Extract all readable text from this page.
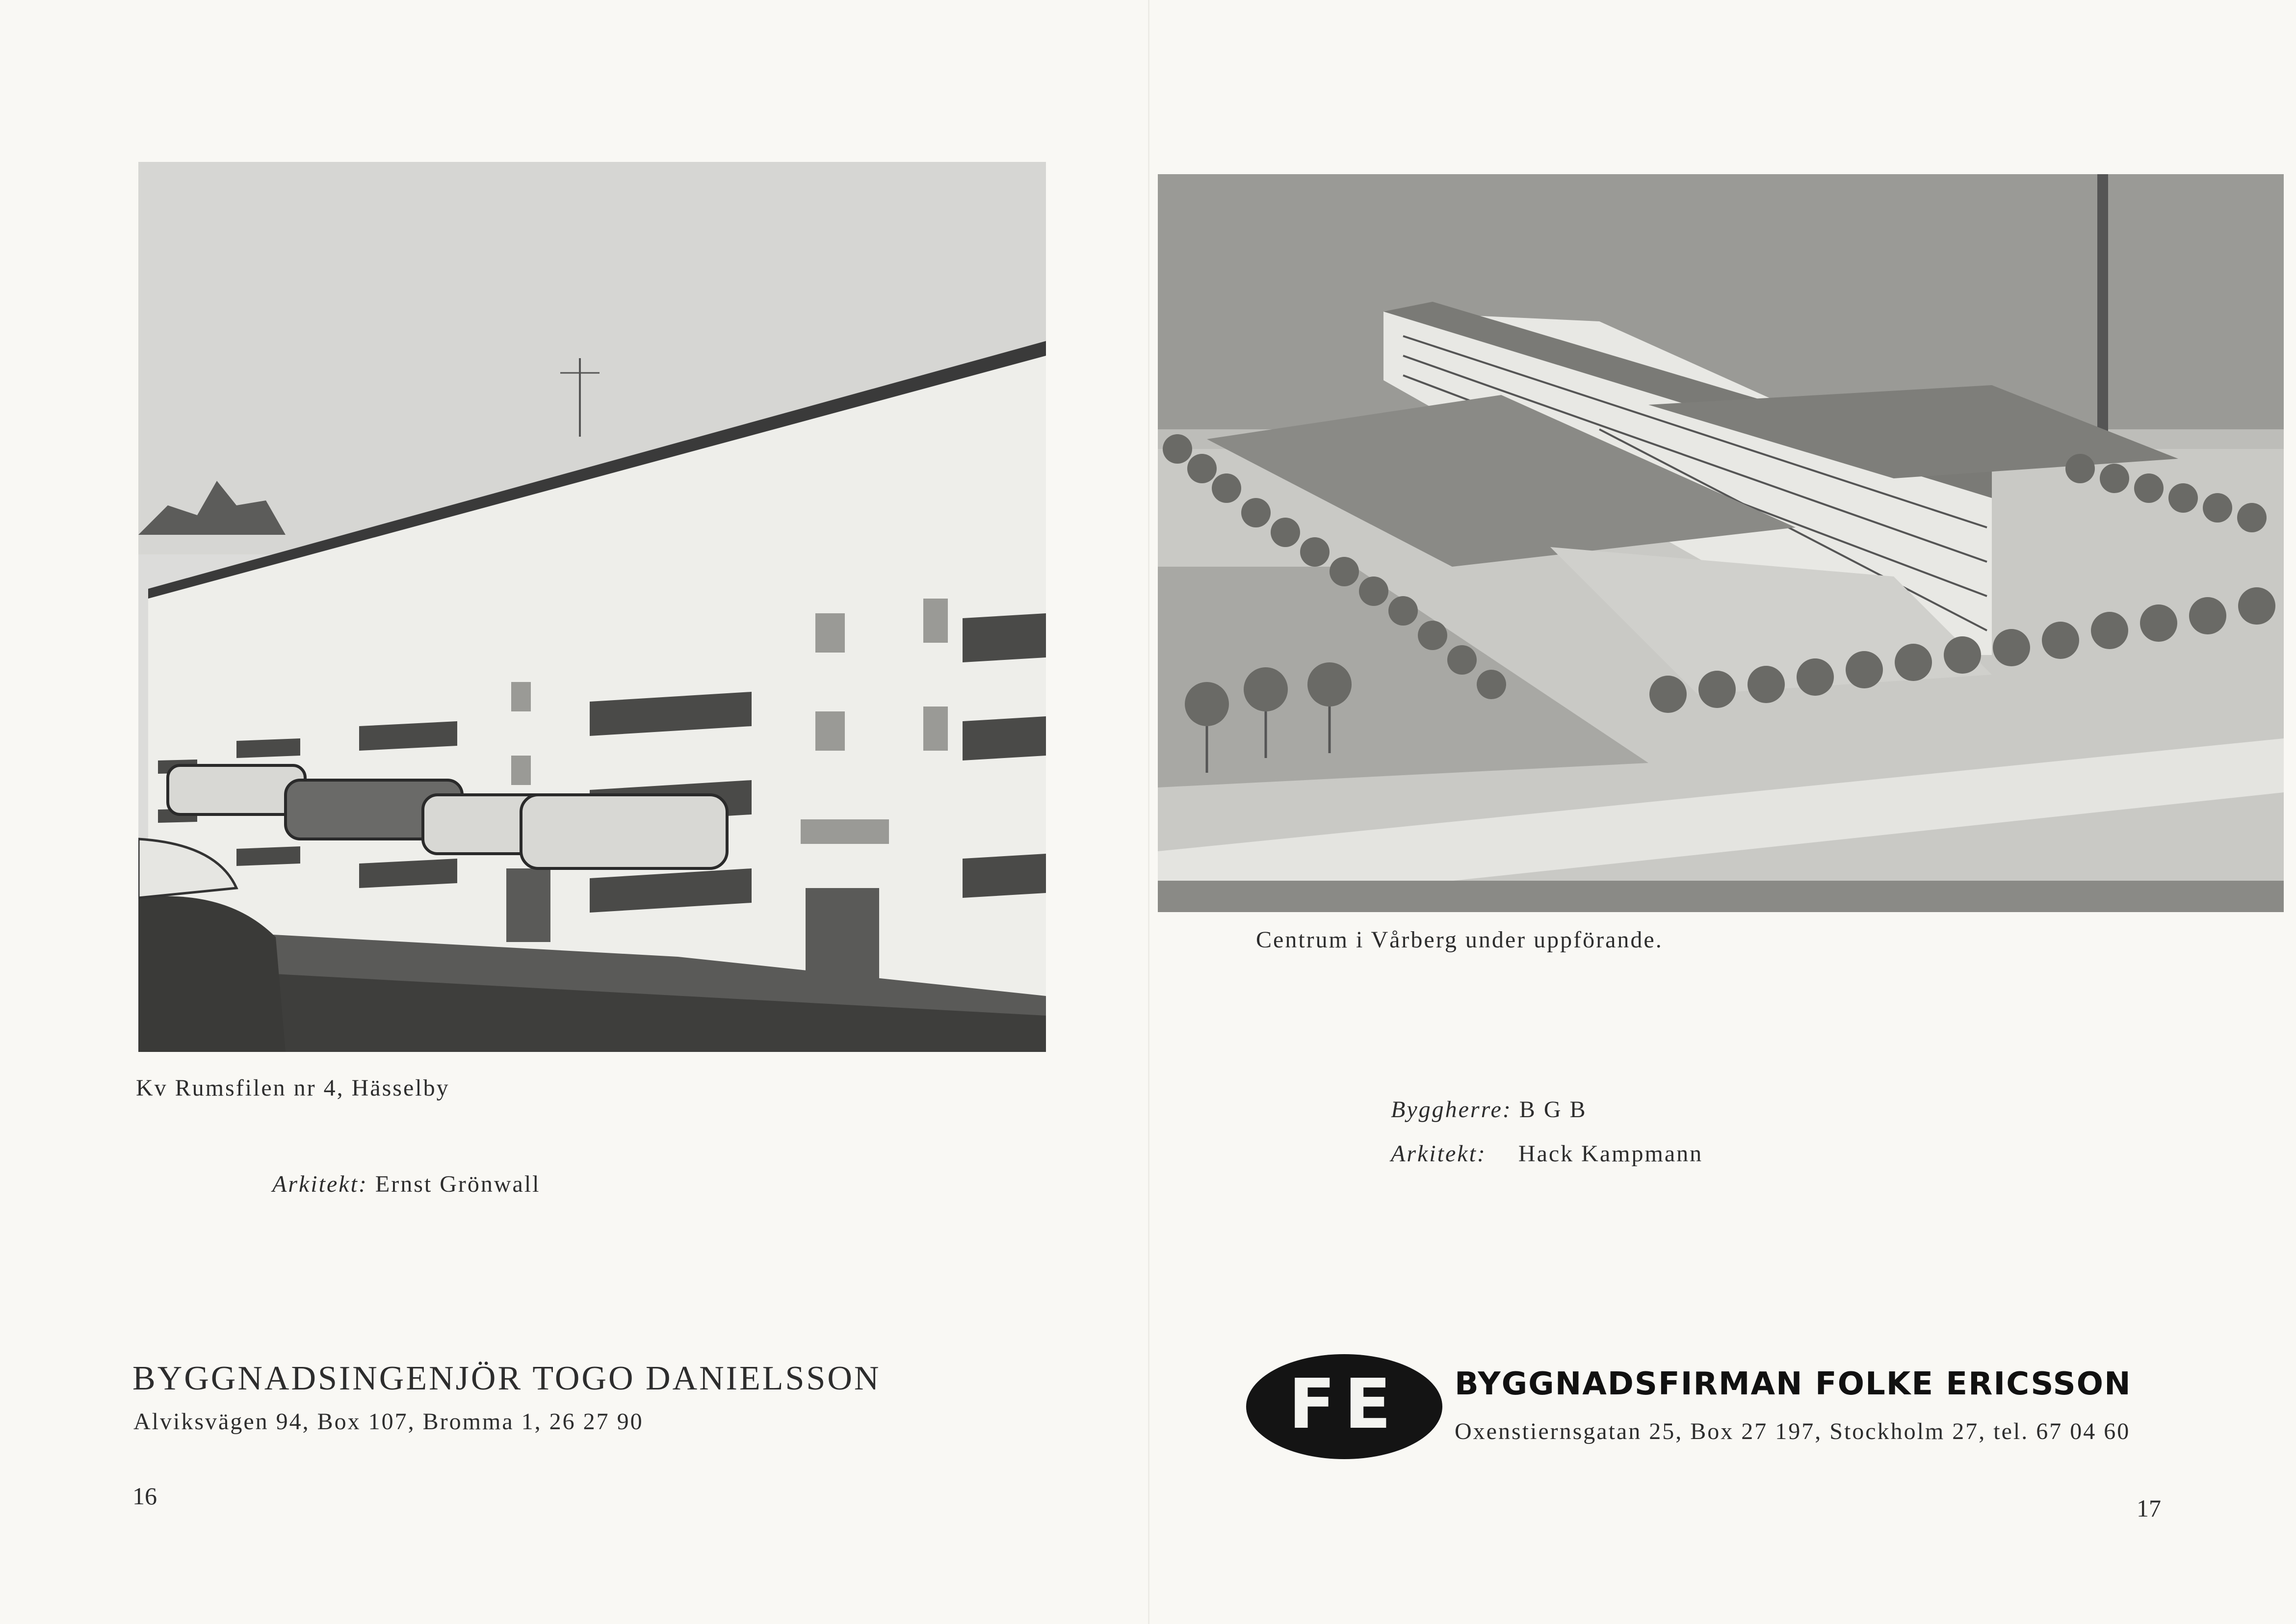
Kv Rumsfilen nr 4, Hässelby
Arkitekt: Ernst Grönwall
BYGGNADSINGENJÖR TOGO DANIELSSON
Alviksvägen 94, Box 107, Bromma 1, 26 27 90
16
Centrum i Vårberg under uppförande.
Byggherre: B G B
Arkitekt: Hack Kampmann
FE BYGGNADSFIRMAN FOLKE ERICSSON
Oxenstiernsgatan 25, Box 27 197, Stockholm 27, tel. 67 04 60
17
